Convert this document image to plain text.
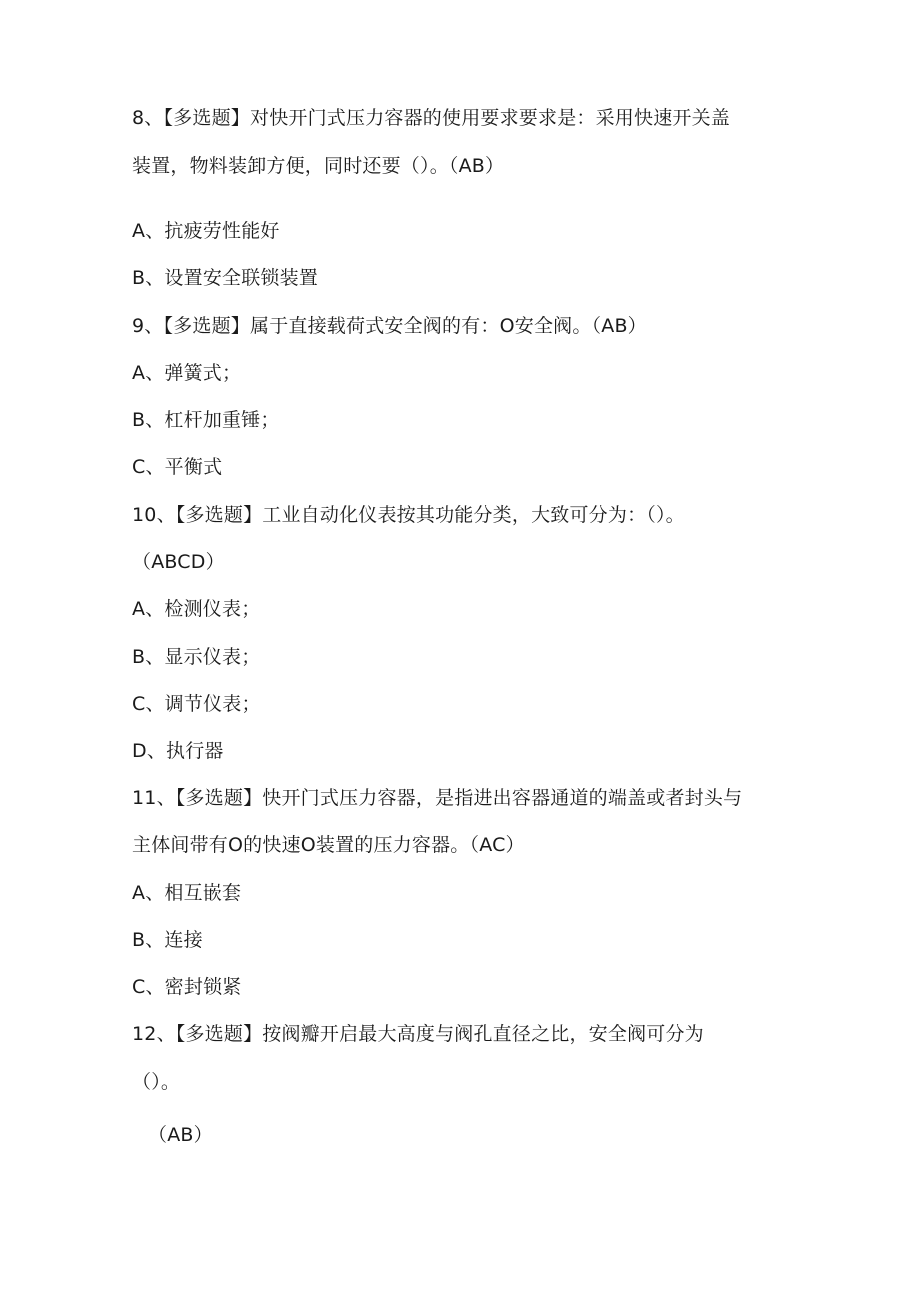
8、【多选题】对快开门式压力容器的使用要求要求是：采用快速开关盖
装置，物料装卸方便，同时还要（）。（AB）
A、抗疲劳性能好
B、设置安全联锁装置
9、【多选题】属于直接载荷式安全阀的有：O安全阀。（AB）
A、弹簧式；
B、杠杆加重锤；
C、平衡式
10、【多选题】工业自动化仪表按其功能分类，大致可分为：（）。
（ABCD）
A、检测仪表；
B、显示仪表；
C、调节仪表；
D、执行器
11、【多选题】快开门式压力容器，是指进出容器通道的端盖或者封头与
主体间带有O的快速O装置的压力容器。（AC）
A、相互嵌套
B、连接
C、密封锁紧
12、【多选题】按阀瓣开启最大高度与阀孔直径之比，安全阀可分为
（）。
（AB）
